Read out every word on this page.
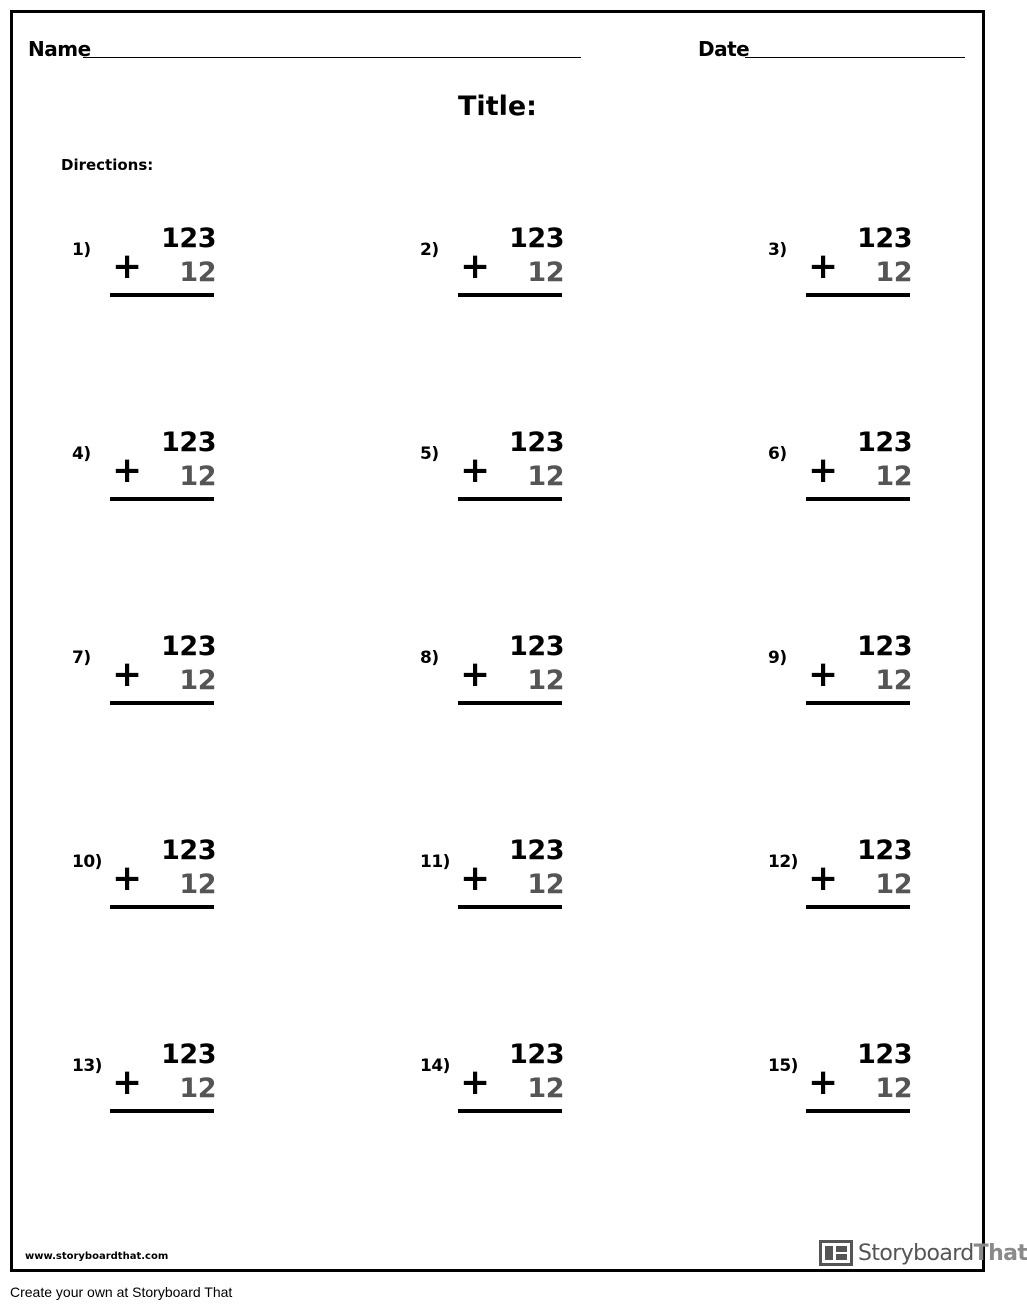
Name	Date
Title:
Directions:
1)	123
+ 12
2)	123
+ 12
3)	123
+ 12
4)	123
+ 12
5)	123
+ 12
6)	123
+ 12
7)	123
+ 12
8)	123
+ 12
9)	123
+ 12
10) 123
+ 12
11) 123
+ 12
12) 123
+ 12
13) 123
+ 12
14) 123
+ 12
15) 123
+ 12
www.storyboardthat.com	StoryboardThat
Create your own at Storyboard That
